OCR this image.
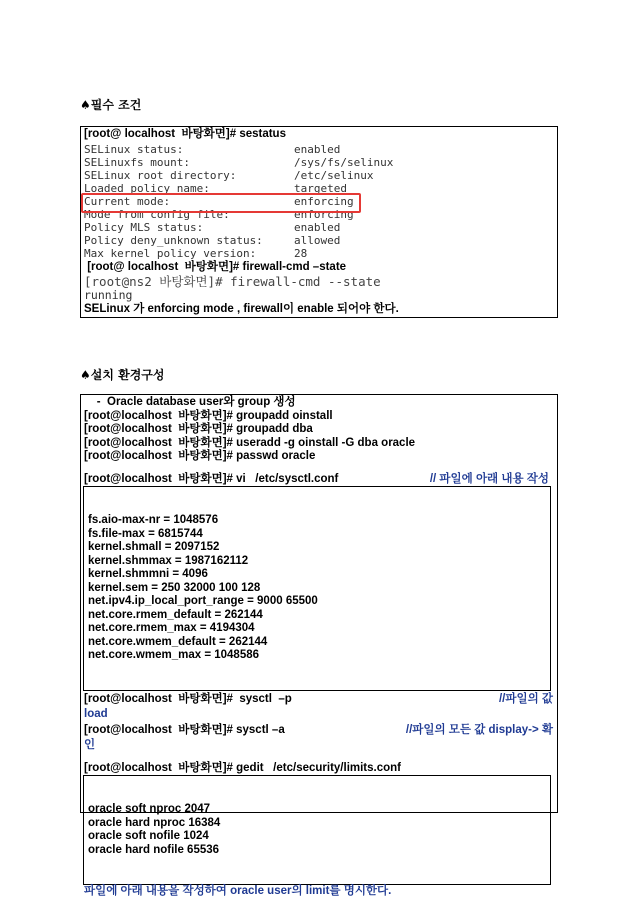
♠필수 조건
[root@ localhost  바탕화면]# sestatus
SELinux status:	enabled
SELinuxfs mount:	/sys/fs/selinux
SELinux root directory:	/etc/selinux
Loaded policy name:	targeted
Current mode:	enforcing
Mode from config file:	enforcing
Policy MLS status:	enabled
Policy deny_unknown status:	allowed
Max kernel policy version:	28
[root@ localhost  바탕화면]# firewall-cmd –state
[root@ns2 바탕화면]# firewall-cmd --state
running
SELinux 가 enforcing mode , firewall이 enable 되어야 한다.
♠설치 환경구성
-  Oracle database user와 group 생성
[root@localhost  바탕화면]# groupadd oinstall
[root@localhost  바탕화면]# groupadd dba
[root@localhost  바탕화면]# useradd -g oinstall -G dba oracle
[root@localhost  바탕화면]# passwd oracle
[root@localhost  바탕화면]# vi   /etc/sysctl.conf	// 파일에 아래 내용 작성

fs.aio-max-nr = 1048576
fs.file-max = 6815744
kernel.shmall = 2097152
kernel.shmmax = 1987162112
kernel.shmmni = 4096
kernel.sem = 250 32000 100 128
net.ipv4.ip_local_port_range = 9000 65500
net.core.rmem_default = 262144
net.core.rmem_max = 4194304
net.core.wmem_default = 262144
net.core.wmem_max = 1048586

[root@localhost  바탕화면]#  sysctl  –p	//파일의 값
load
[root@localhost  바탕화면]# sysctl –a	//파일의 모든 값 display-> 확
인
[root@localhost  바탕화면]# gedit   /etc/security/limits.conf

oracle soft nproc 2047
oracle hard nproc 16384
oracle soft nofile 1024
oracle hard nofile 65536

파일에 아래 내용을 작성하여 oracle user의 limit를 명시한다.
